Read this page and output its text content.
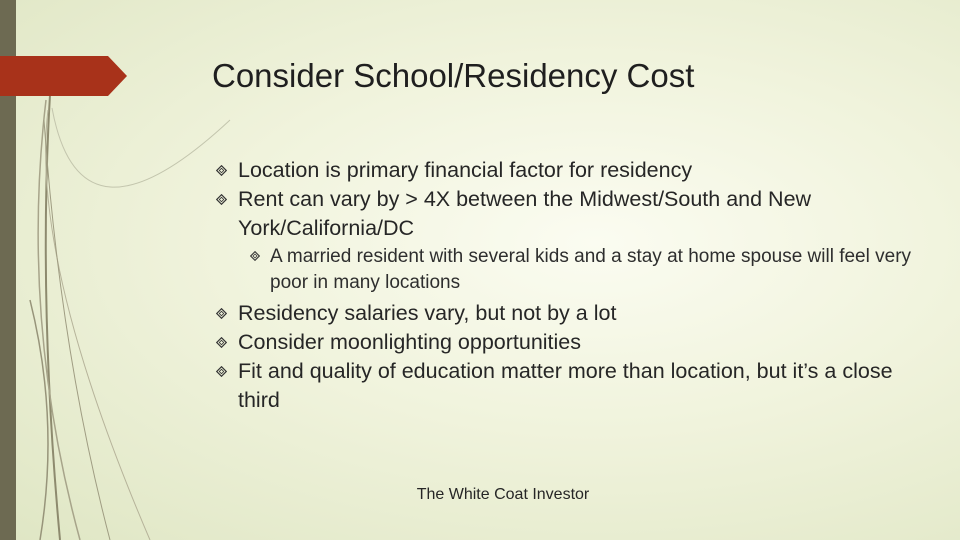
Consider School/Residency Cost
Location is primary financial factor for residency
Rent can vary by > 4X between the Midwest/South and New York/California/DC
A married resident with several kids and a stay at home spouse will feel very poor in many locations
Residency salaries vary, but not by a lot
Consider moonlighting opportunities
Fit and quality of education matter more than location, but it’s a close third
The White Coat Investor
